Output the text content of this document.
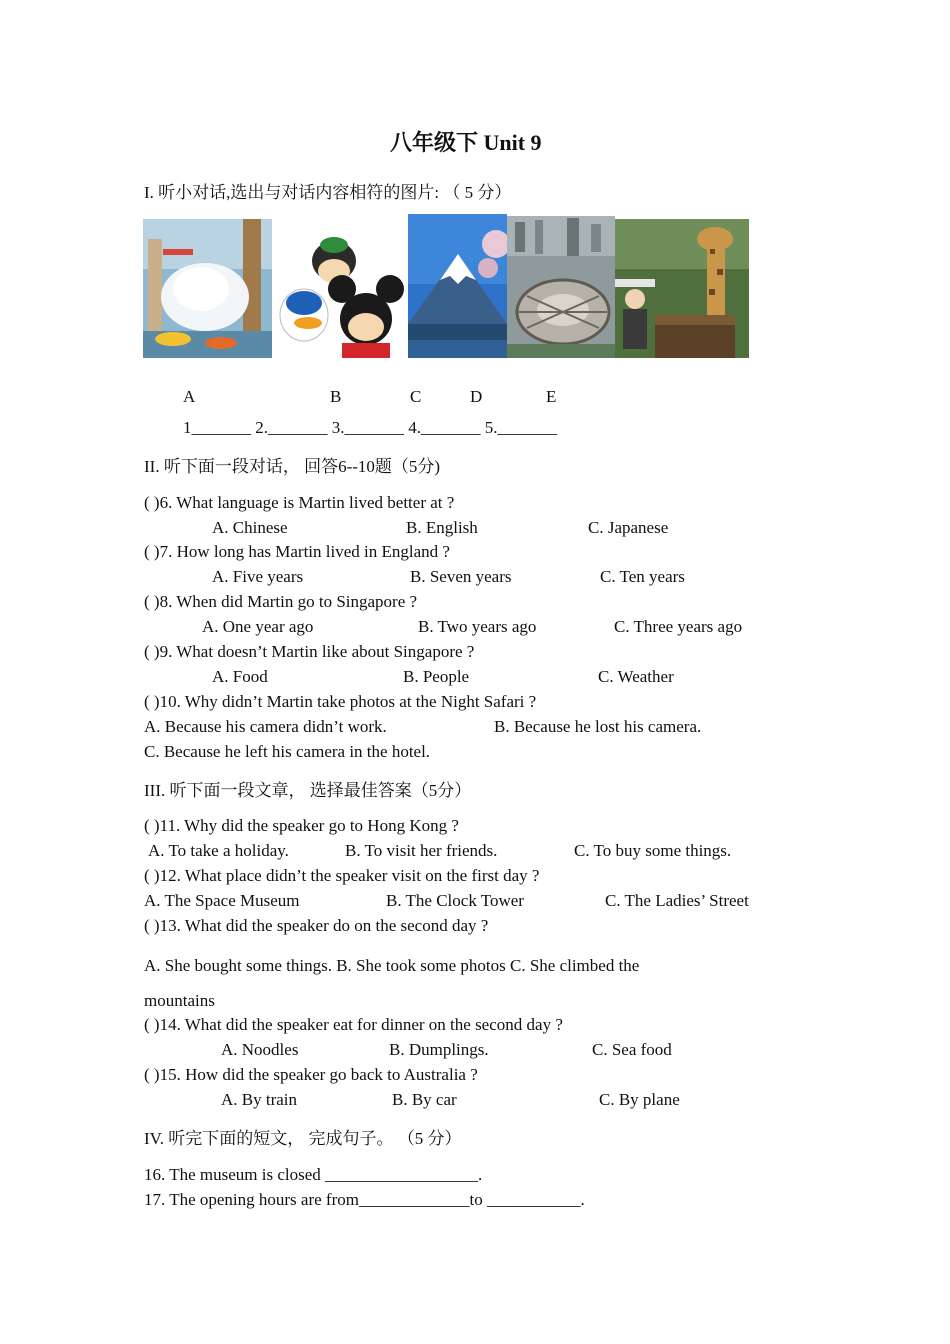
八年级下 Unit 9
I. 听小对话,选出与对话内容相符的图片: （ 5 分）
A	B	C	D	E
1_______ 2._______ 3._______ 4._______ 5._______
II. 听下面一段对话， 回答6--10题（5分)
( )6. What language is Martin lived better at ?
A. Chinese	B. English	C. Japanese
( )7. How long has Martin lived in England ?
A. Five years	B. Seven years	C. Ten years
( )8. When did Martin go to Singapore ?
A. One year ago	B. Two years ago	C. Three years ago
( )9. What doesn’t Martin like about Singapore ?
A. Food	B. People	C. Weather
( )10. Why didn’t Martin take photos at the Night Safari ?
A. Because his camera didn’t work.	B. Because he lost his camera.
C. Because he left his camera in the hotel.
III. 听下面一段文章， 选择最佳答案（5分）
( )11. Why did the speaker go to Hong Kong ?
A. To take a holiday.	B. To visit her friends.	C. To buy some things.
( )12. What place didn’t the speaker visit on the first day ?
A. The Space Museum	B. The Clock Tower	C. The Ladies’ Street
( )13. What did the speaker do on the second day ?
A. She bought some things. B. She took some photos C. She climbed the
mountains
( )14. What did the speaker eat for dinner on the second day ?
A. Noodles	B. Dumplings.	C. Sea food
( )15. How did the speaker go back to Australia ?
A. By train	B. By car	C. By plane
IV. 听完下面的短文， 完成句子。 （5 分）
16. The museum is closed __________________.
17. The opening hours are from_____________to ___________.
